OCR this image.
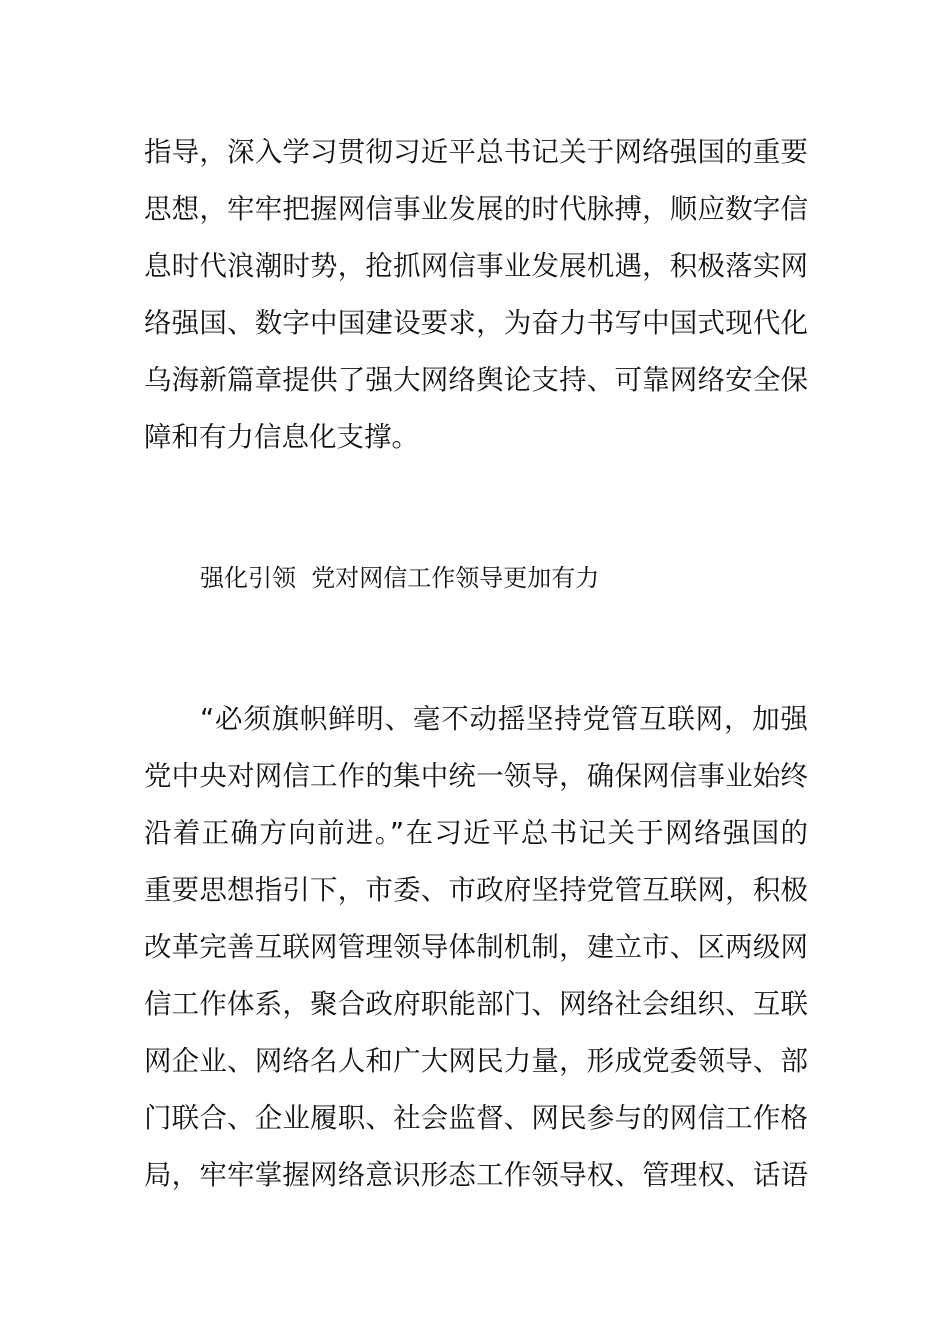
指导，深入学习贯彻习近平总书记关于网络强国的重要
思想，牢牢把握网信事业发展的时代脉搏，顺应数字信
息时代浪潮时势，抢抓网信事业发展机遇，积极落实网
络强国、数字中国建设要求，为奋力书写中国式现代化
乌海新篇章提供了强大网络舆论支持、可靠网络安全保
障和有力信息化支撑。
强化引领  党对网信工作领导更加有力
“必须旗帜鲜明、毫不动摇坚持党管互联网，加强
党中央对网信工作的集中统一领导，确保网信事业始终
沿着正确方向前进。”在习近平总书记关于网络强国的
重要思想指引下，市委、市政府坚持党管互联网，积极
改革完善互联网管理领导体制机制，建立市、区两级网
信工作体系，聚合政府职能部门、网络社会组织、互联
网企业、网络名人和广大网民力量，形成党委领导、部
门联合、企业履职、社会监督、网民参与的网信工作格
局，牢牢掌握网络意识形态工作领导权、管理权、话语
